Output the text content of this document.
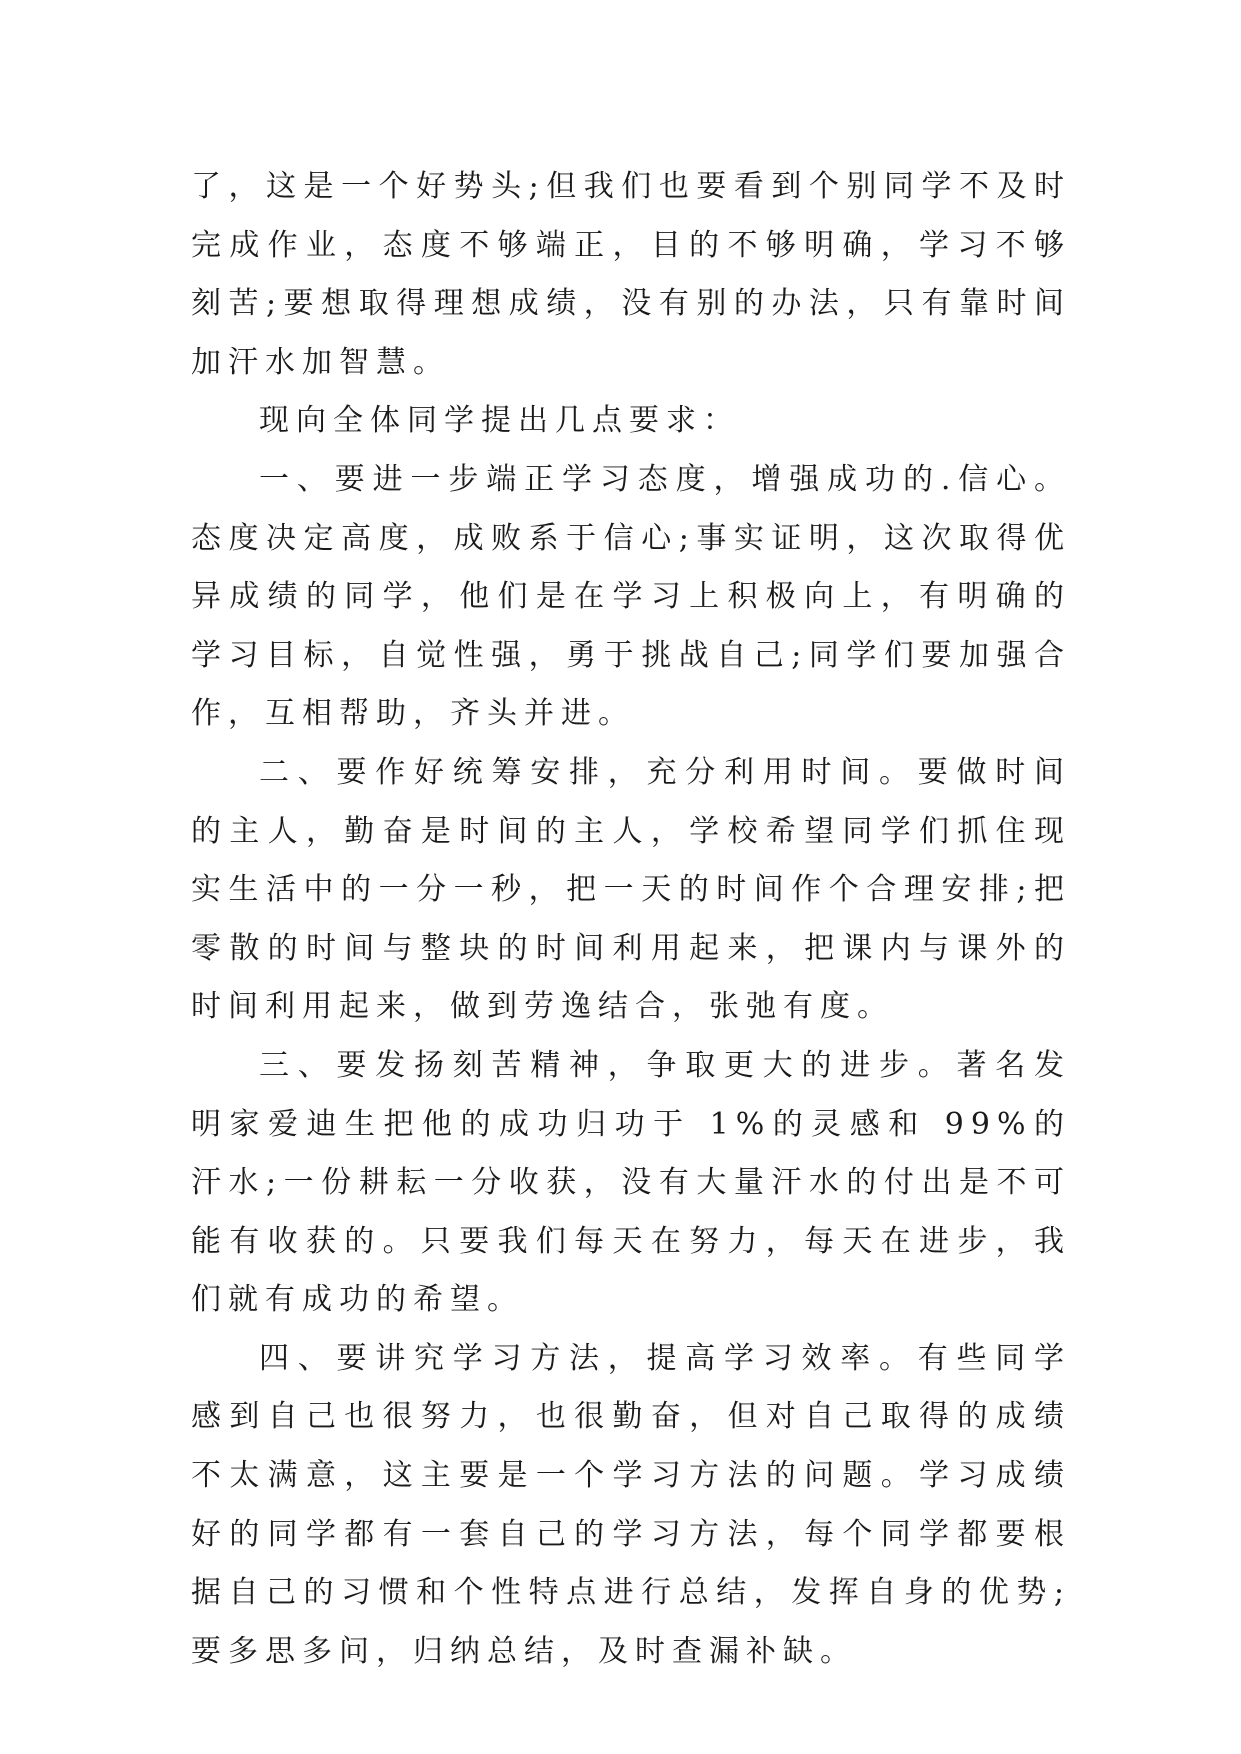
了，这是一个好势头;但我们也要看到个别同学不及时完成作业，态度不够端正，目的不够明确，学习不够刻苦;要想取得理想成绩，没有别的办法，只有靠时间加汗水加智慧。

现向全体同学提出几点要求：

一、要进一步端正学习态度，增强成功的.信心。态度决定高度，成败系于信心;事实证明，这次取得优异成绩的同学，他们是在学习上积极向上，有明确的学习目标，自觉性强，勇于挑战自己;同学们要加强合作，互相帮助，齐头并进。

二、要作好统筹安排，充分利用时间。要做时间的主人，勤奋是时间的主人，学校希望同学们抓住现实生活中的一分一秒，把一天的时间作个合理安排;把零散的时间与整块的时间利用起来，把课内与课外的时间利用起来，做到劳逸结合，张弛有度。

三、要发扬刻苦精神，争取更大的进步。著名发明家爱迪生把他的成功归功于 1%的灵感和 99%的汗水;一份耕耘一分收获，没有大量汗水的付出是不可能有收获的。只要我们每天在努力，每天在进步，我们就有成功的希望。

四、要讲究学习方法，提高学习效率。有些同学感到自己也很努力，也很勤奋，但对自己取得的成绩不太满意，这主要是一个学习方法的问题。学习成绩好的同学都有一套自己的学习方法，每个同学都要根据自己的习惯和个性特点进行总结，发挥自身的优势;要多思多问，归纳总结，及时查漏补缺。
